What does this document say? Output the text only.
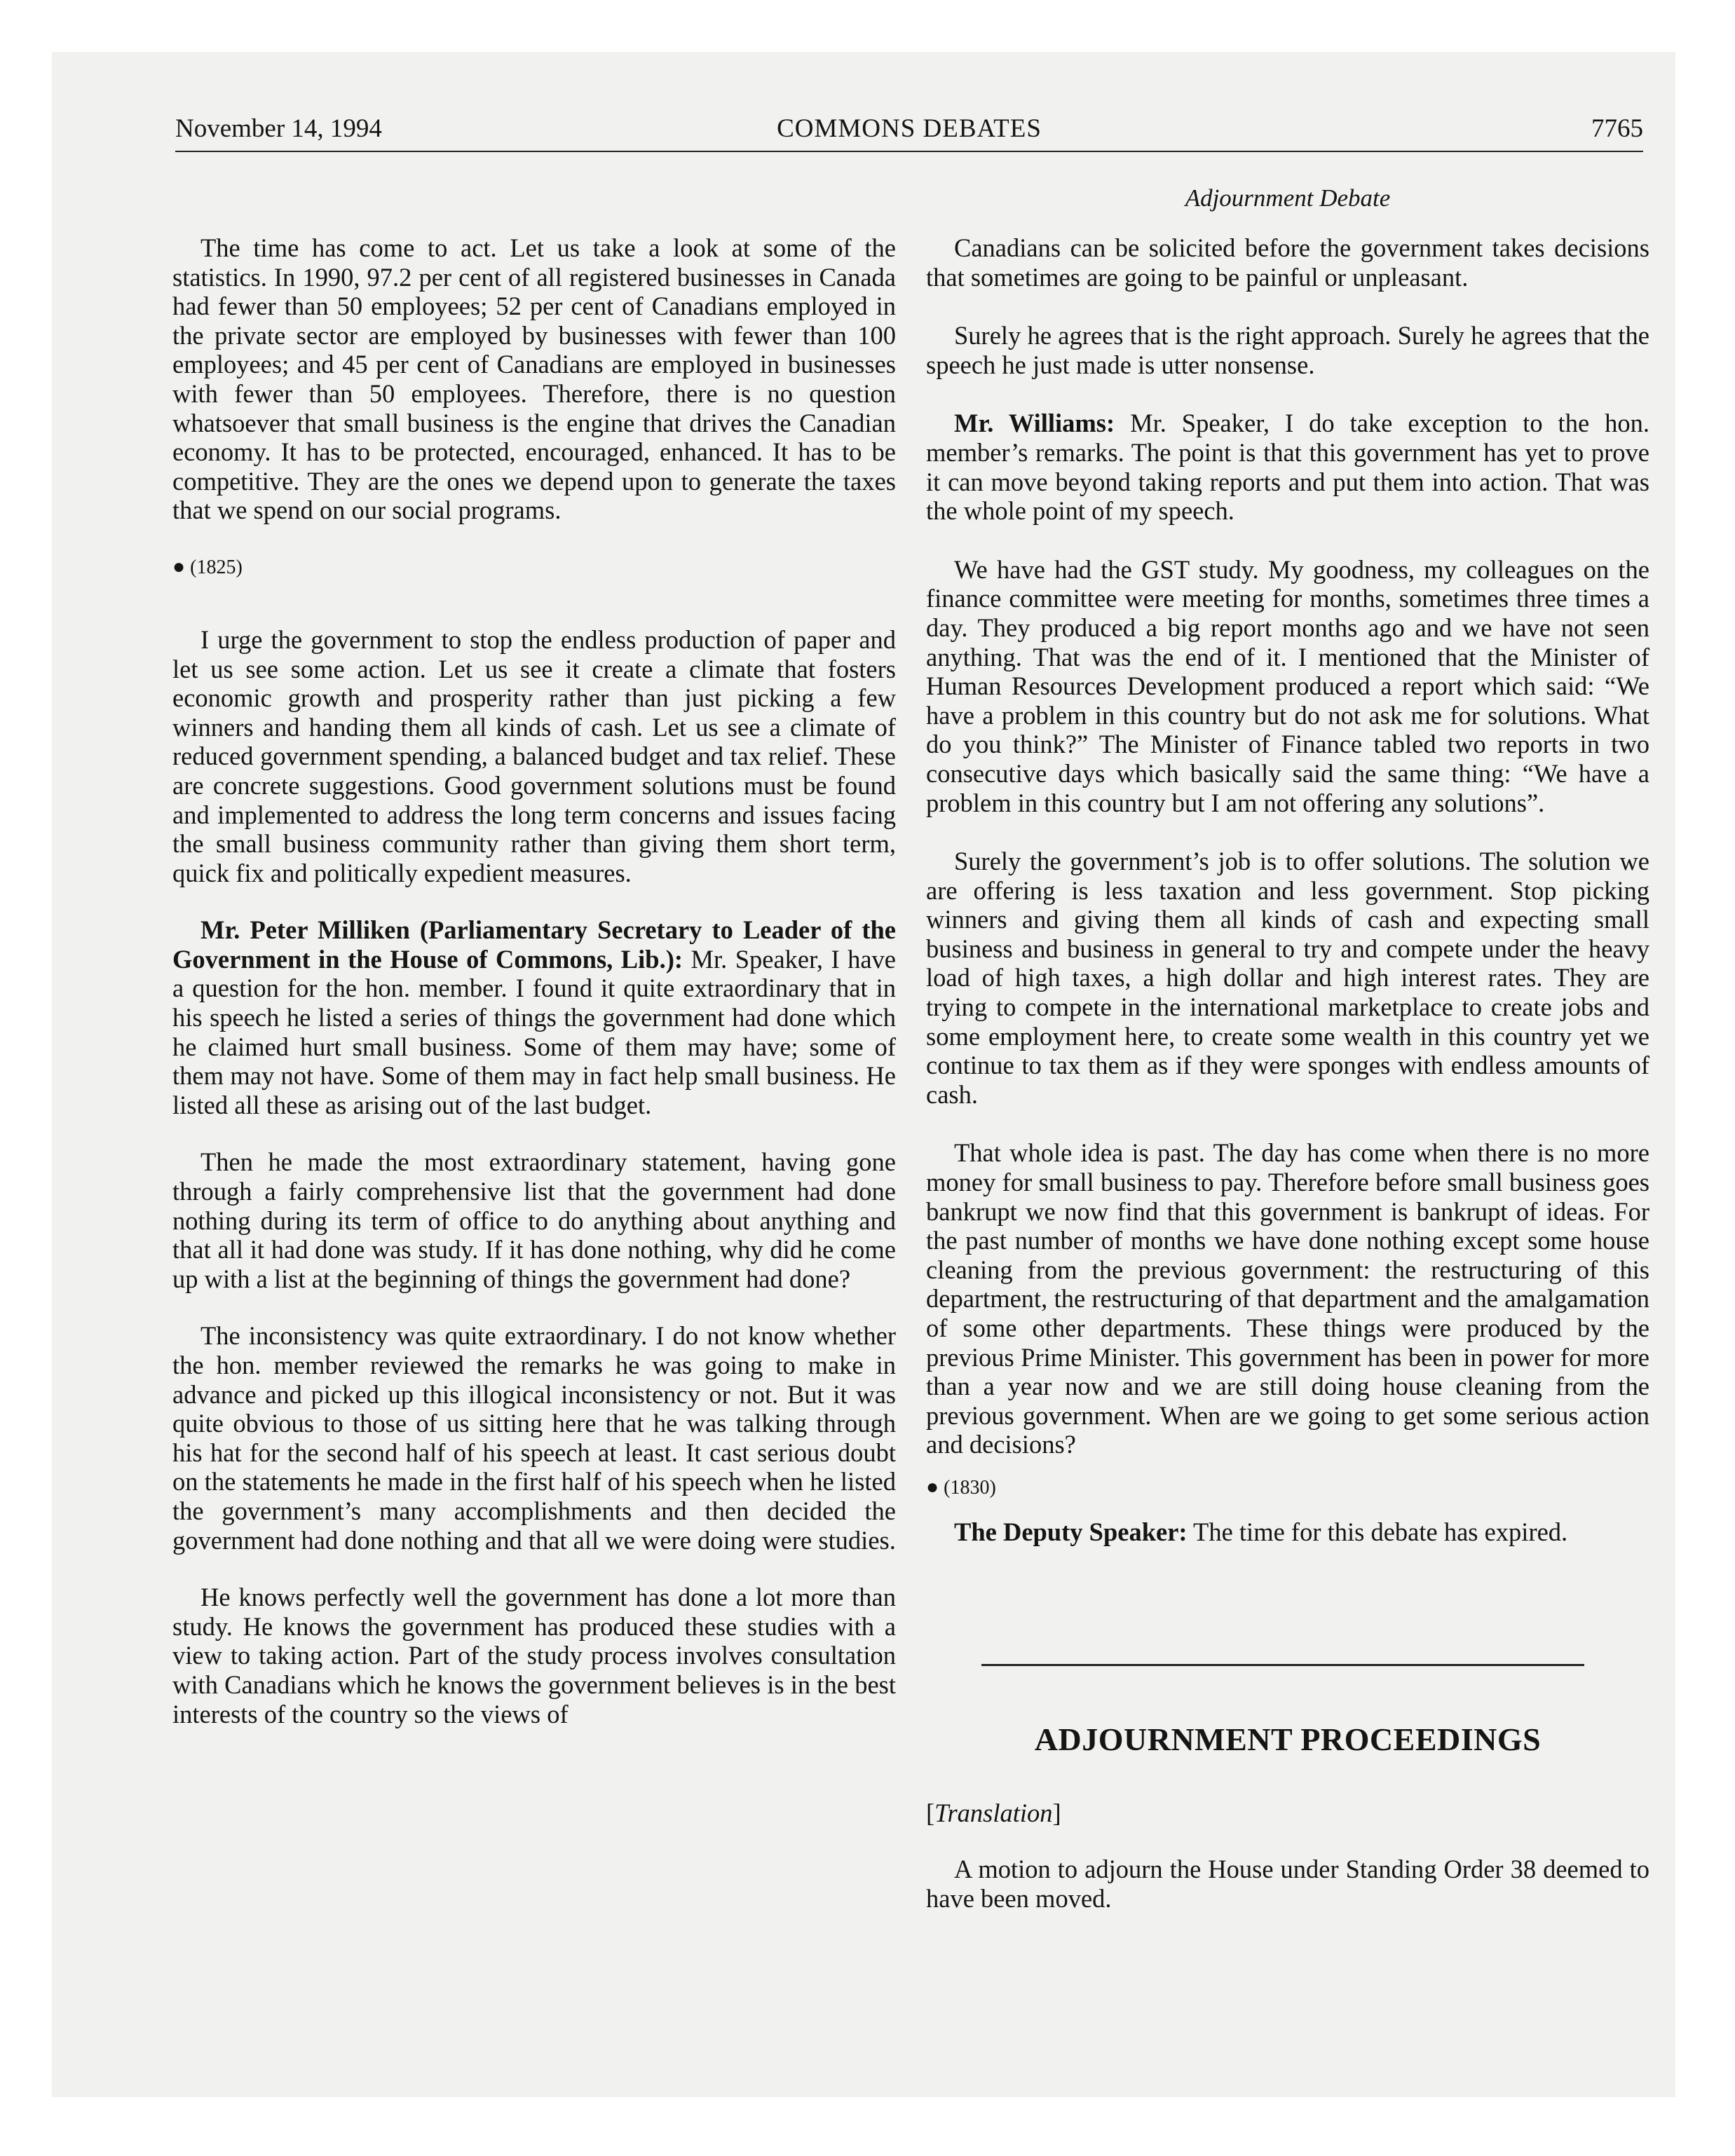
November 14, 1994	COMMONS DEBATES	7765
Adjournment Debate

The time has come to act. Let us take a look at some of the statistics. In 1990, 97.2 per cent of all registered businesses in Canada had fewer than 50 employees; 52 per cent of Canadians employed in the private sector are employed by businesses with fewer than 100 employees; and 45 per cent of Canadians are employed in businesses with fewer than 50 employees. Therefore, there is no question whatsoever that small business is the engine that drives the Canadian economy. It has to be protected, encouraged, enhanced. It has to be competitive. They are the ones we depend upon to generate the taxes that we spend on our social programs.

● (1825)

I urge the government to stop the endless production of paper and let us see some action. Let us see it create a climate that fosters economic growth and prosperity rather than just picking a few winners and handing them all kinds of cash. Let us see a climate of reduced government spending, a balanced budget and tax relief. These are concrete suggestions. Good government solutions must be found and implemented to address the long term concerns and issues facing the small business community rather than giving them short term, quick fix and politically expedient measures.

Mr. Peter Milliken (Parliamentary Secretary to Leader of the Government in the House of Commons, Lib.): Mr. Speaker, I have a question for the hon. member. I found it quite extraordinary that in his speech he listed a series of things the government had done which he claimed hurt small business. Some of them may have; some of them may not have. Some of them may in fact help small business. He listed all these as arising out of the last budget.

Then he made the most extraordinary statement, having gone through a fairly comprehensive list that the government had done nothing during its term of office to do anything about anything and that all it had done was study. If it has done nothing, why did he come up with a list at the beginning of things the government had done?

The inconsistency was quite extraordinary. I do not know whether the hon. member reviewed the remarks he was going to make in advance and picked up this illogical inconsistency or not. But it was quite obvious to those of us sitting here that he was talking through his hat for the second half of his speech at least. It cast serious doubt on the statements he made in the first half of his speech when he listed the government’s many accomplishments and then decided the government had done nothing and that all we were doing were studies.

He knows perfectly well the government has done a lot more than study. He knows the government has produced these studies with a view to taking action. Part of the study process involves consultation with Canadians which he knows the government believes is in the best interests of the country so the views of

Canadians can be solicited before the government takes decisions that sometimes are going to be painful or unpleasant.

Surely he agrees that is the right approach. Surely he agrees that the speech he just made is utter nonsense.

Mr. Williams: Mr. Speaker, I do take exception to the hon. member’s remarks. The point is that this government has yet to prove it can move beyond taking reports and put them into action. That was the whole point of my speech.

We have had the GST study. My goodness, my colleagues on the finance committee were meeting for months, sometimes three times a day. They produced a big report months ago and we have not seen anything. That was the end of it. I mentioned that the Minister of Human Resources Development produced a report which said: “We have a problem in this country but do not ask me for solutions. What do you think?” The Minister of Finance tabled two reports in two consecutive days which basically said the same thing: “We have a problem in this country but I am not offering any solutions”.

Surely the government’s job is to offer solutions. The solution we are offering is less taxation and less government. Stop picking winners and giving them all kinds of cash and expecting small business and business in general to try and compete under the heavy load of high taxes, a high dollar and high interest rates. They are trying to compete in the international marketplace to create jobs and some employment here, to create some wealth in this country yet we continue to tax them as if they were sponges with endless amounts of cash.

That whole idea is past. The day has come when there is no more money for small business to pay. Therefore before small business goes bankrupt we now find that this government is bankrupt of ideas. For the past number of months we have done nothing except some house cleaning from the previous government: the restructuring of this department, the restructuring of that department and the amalgamation of some other departments. These things were produced by the previous Prime Minister. This government has been in power for more than a year now and we are still doing house cleaning from the previous government. When are we going to get some serious action and decisions?

● (1830)

The Deputy Speaker: The time for this debate has expired.

ADJOURNMENT PROCEEDINGS
[Translation]

A motion to adjourn the House under Standing Order 38 deemed to have been moved.
